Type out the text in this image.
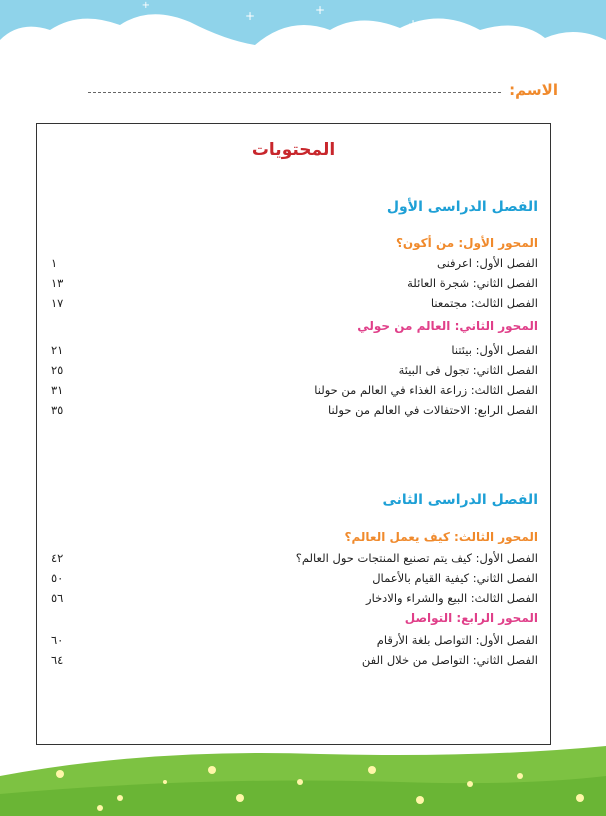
+
+	+
+
الاسم:
المحتويات
الفصل الدراسى الأول
المحور الأول: من أكون؟
الفصل الأول: اعرفنى
١
الفصل الثاني: شجرة العائلة
١٣
الفصل الثالث: مجتمعنا
١٧
المحور الثاني: العالم من حولي
الفصل الأول: بيئتنا
٢١
الفصل الثاني: تجول فى البيئة
٢٥
الفصل الثالث: زراعة الغذاء في العالم من حولنا
٣١
الفصل الرابع: الاحتفالات في العالم من حولنا
٣٥
الفصل الدراسى الثانى
المحور الثالث: كيف يعمل العالم؟
الفصل الأول: كيف يتم تصنيع المنتجات حول العالم؟
٤٢
الفصل الثاني: كيفية القيام بالأعمال
٥٠
الفصل الثالث: البيع والشراء والادخار
٥٦
المحور الرابع: التواصل
الفصل الأول: التواصل بلغة الأرقام
٦٠
الفصل الثاني: التواصل من خلال الفن
٦٤
